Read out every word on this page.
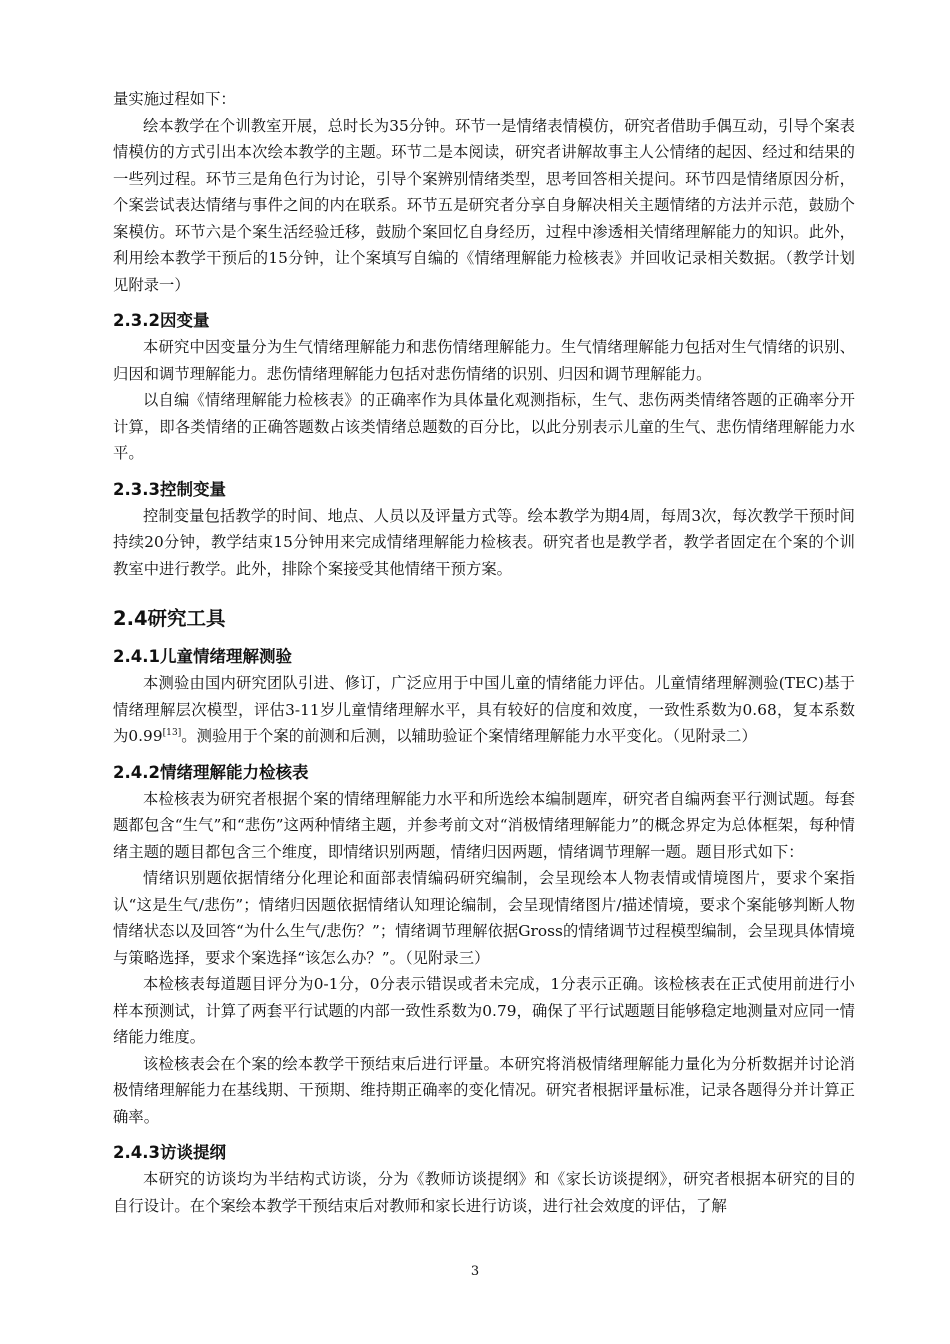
量实施过程如下：

绘本教学在个训教室开展，总时长为35分钟。环节一是情绪表情模仿，研究者借助手偶互动，引导个案表情模仿的方式引出本次绘本教学的主题。环节二是本阅读，研究者讲解故事主人公情绪的起因、经过和结果的一些列过程。环节三是角色行为讨论，引导个案辨别情绪类型，思考回答相关提问。环节四是情绪原因分析，个案尝试表达情绪与事件之间的内在联系。环节五是研究者分享自身解决相关主题情绪的方法并示范，鼓励个案模仿。环节六是个案生活经验迁移，鼓励个案回忆自身经历，过程中渗透相关情绪理解能力的知识。此外，利用绘本教学干预后的15分钟，让个案填写自编的《情绪理解能力检核表》并回收记录相关数据。（教学计划见附录一）

2.3.2因变量

本研究中因变量分为生气情绪理解能力和悲伤情绪理解能力。生气情绪理解能力包括对生气情绪的识别、归因和调节理解能力。悲伤情绪理解能力包括对悲伤情绪的识别、归因和调节理解能力。

以自编《情绪理解能力检核表》的正确率作为具体量化观测指标，生气、悲伤两类情绪答题的正确率分开计算，即各类情绪的正确答题数占该类情绪总题数的百分比，以此分别表示儿童的生气、悲伤情绪理解能力水平。

2.3.3控制变量

控制变量包括教学的时间、地点、人员以及评量方式等。绘本教学为期4周，每周3次，每次教学干预时间持续20分钟，教学结束15分钟用来完成情绪理解能力检核表。研究者也是教学者，教学者固定在个案的个训教室中进行教学。此外，排除个案接受其他情绪干预方案。

2.4研究工具
2.4.1儿童情绪理解测验

本测验由国内研究团队引进、修订，广泛应用于中国儿童的情绪能力评估。儿童情绪理解测验(TEC)基于情绪理解层次模型，评估3-11岁儿童情绪理解水平，具有较好的信度和效度，一致性系数为0.68，复本系数为0.99[13]。测验用于个案的前测和后测，以辅助验证个案情绪理解能力水平变化。（见附录二）

2.4.2情绪理解能力检核表

本检核表为研究者根据个案的情绪理解能力水平和所选绘本编制题库，研究者自编两套平行测试题。每套题都包含“生气”和“悲伤”这两种情绪主题，并参考前文对“消极情绪理解能力”的概念界定为总体框架，每种情绪主题的题目都包含三个维度，即情绪识别两题，情绪归因两题，情绪调节理解一题。题目形式如下：

情绪识别题依据情绪分化理论和面部表情编码研究编制，会呈现绘本人物表情或情境图片，要求个案指认“这是生气/悲伤”；情绪归因题依据情绪认知理论编制，会呈现情绪图片/描述情境，要求个案能够判断人物情绪状态以及回答“为什么生气/悲伤？”；情绪调节理解依据Gross的情绪调节过程模型编制，会呈现具体情境与策略选择，要求个案选择“该怎么办？”。（见附录三）

本检核表每道题目评分为0-1分，0分表示错误或者未完成，1分表示正确。该检核表在正式使用前进行小样本预测试，计算了两套平行试题的内部一致性系数为0.79，确保了平行试题题目能够稳定地测量对应同一情绪能力维度。

该检核表会在个案的绘本教学干预结束后进行评量。本研究将消极情绪理解能力量化为分析数据并讨论消极情绪理解能力在基线期、干预期、维持期正确率的变化情况。研究者根据评量标准，记录各题得分并计算正确率。

2.4.3访谈提纲

本研究的访谈均为半结构式访谈，分为《教师访谈提纲》和《家长访谈提纲》，研究者根据本研究的目的自行设计。在个案绘本教学干预结束后对教师和家长进行访谈，进行社会效度的评估，了解

3
